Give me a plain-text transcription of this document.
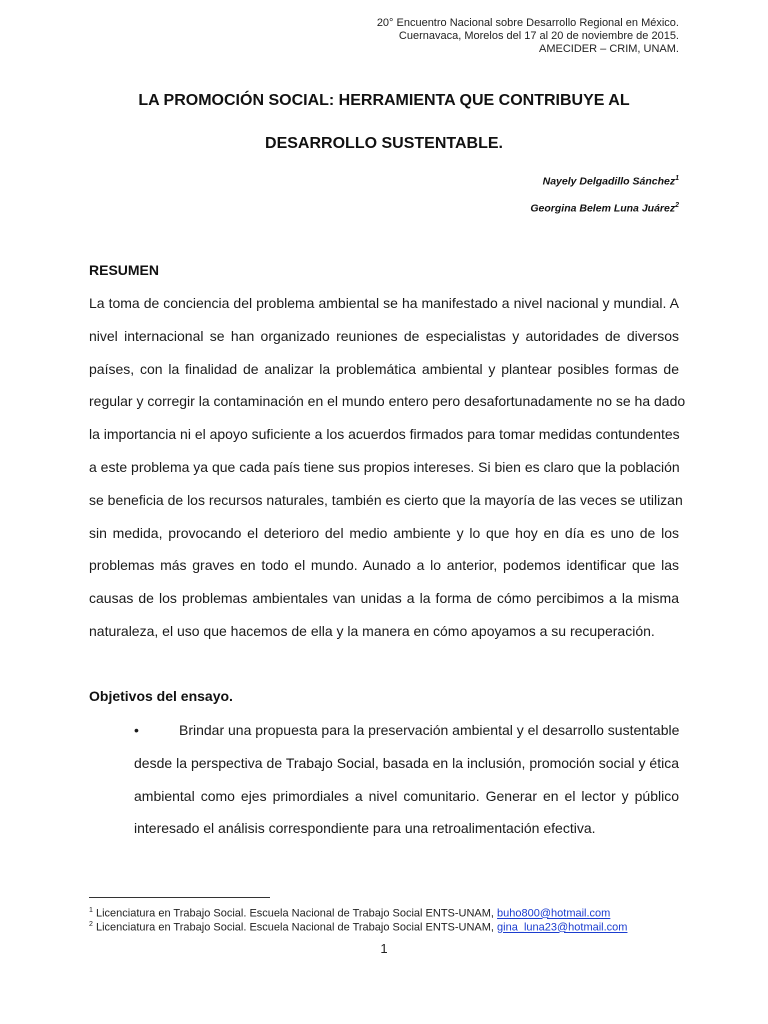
20° Encuentro Nacional sobre Desarrollo Regional en México.
Cuernavaca, Morelos del 17 al 20 de noviembre de 2015.
AMECIDER – CRIM, UNAM.
LA PROMOCIÓN SOCIAL: HERRAMIENTA QUE CONTRIBUYE AL
DESARROLLO SUSTENTABLE.
Nayely Delgadillo Sánchez$^1$
Georgina Belem Luna Juárez$^2$
RESUMEN
La toma de conciencia del problema ambiental se ha manifestado a nivel nacional y mundial. A
nivel internacional se han organizado reuniones de especialistas y autoridades de diversos
países, con la finalidad de analizar la problemática ambiental y plantear posibles formas de
regular y corregir la contaminación en el mundo entero pero desafortunadamente no se ha dado
la importancia ni el apoyo suficiente a los acuerdos firmados para tomar medidas contundentes
a este problema ya que cada país tiene sus propios intereses. Si bien es claro que la población
se beneficia de los recursos naturales, también es cierto que la mayoría de las veces se utilizan
sin medida, provocando el deterioro del medio ambiente y lo que hoy en día es uno de los
problemas más graves en todo el mundo. Aunado a lo anterior, podemos identificar que las
causas de los problemas ambientales van unidas a la forma de cómo percibimos a la misma
naturaleza, el uso que hacemos de ella y la manera en cómo apoyamos a su recuperación.
Objetivos del ensayo.
•	Brindar una propuesta para la preservación ambiental y el desarrollo sustentable
desde la perspectiva de Trabajo Social, basada en la inclusión, promoción social y ética
ambiental como ejes primordiales a nivel comunitario. Generar en el lector y público
interesado el análisis correspondiente para una retroalimentación efectiva.
$^1$ Licenciatura en Trabajo Social. Escuela Nacional de Trabajo Social ENTS-UNAM, buho800@hotmail.com
$^2$ Licenciatura en Trabajo Social. Escuela Nacional de Trabajo Social ENTS-UNAM, gina_luna23@hotmail.com
1
